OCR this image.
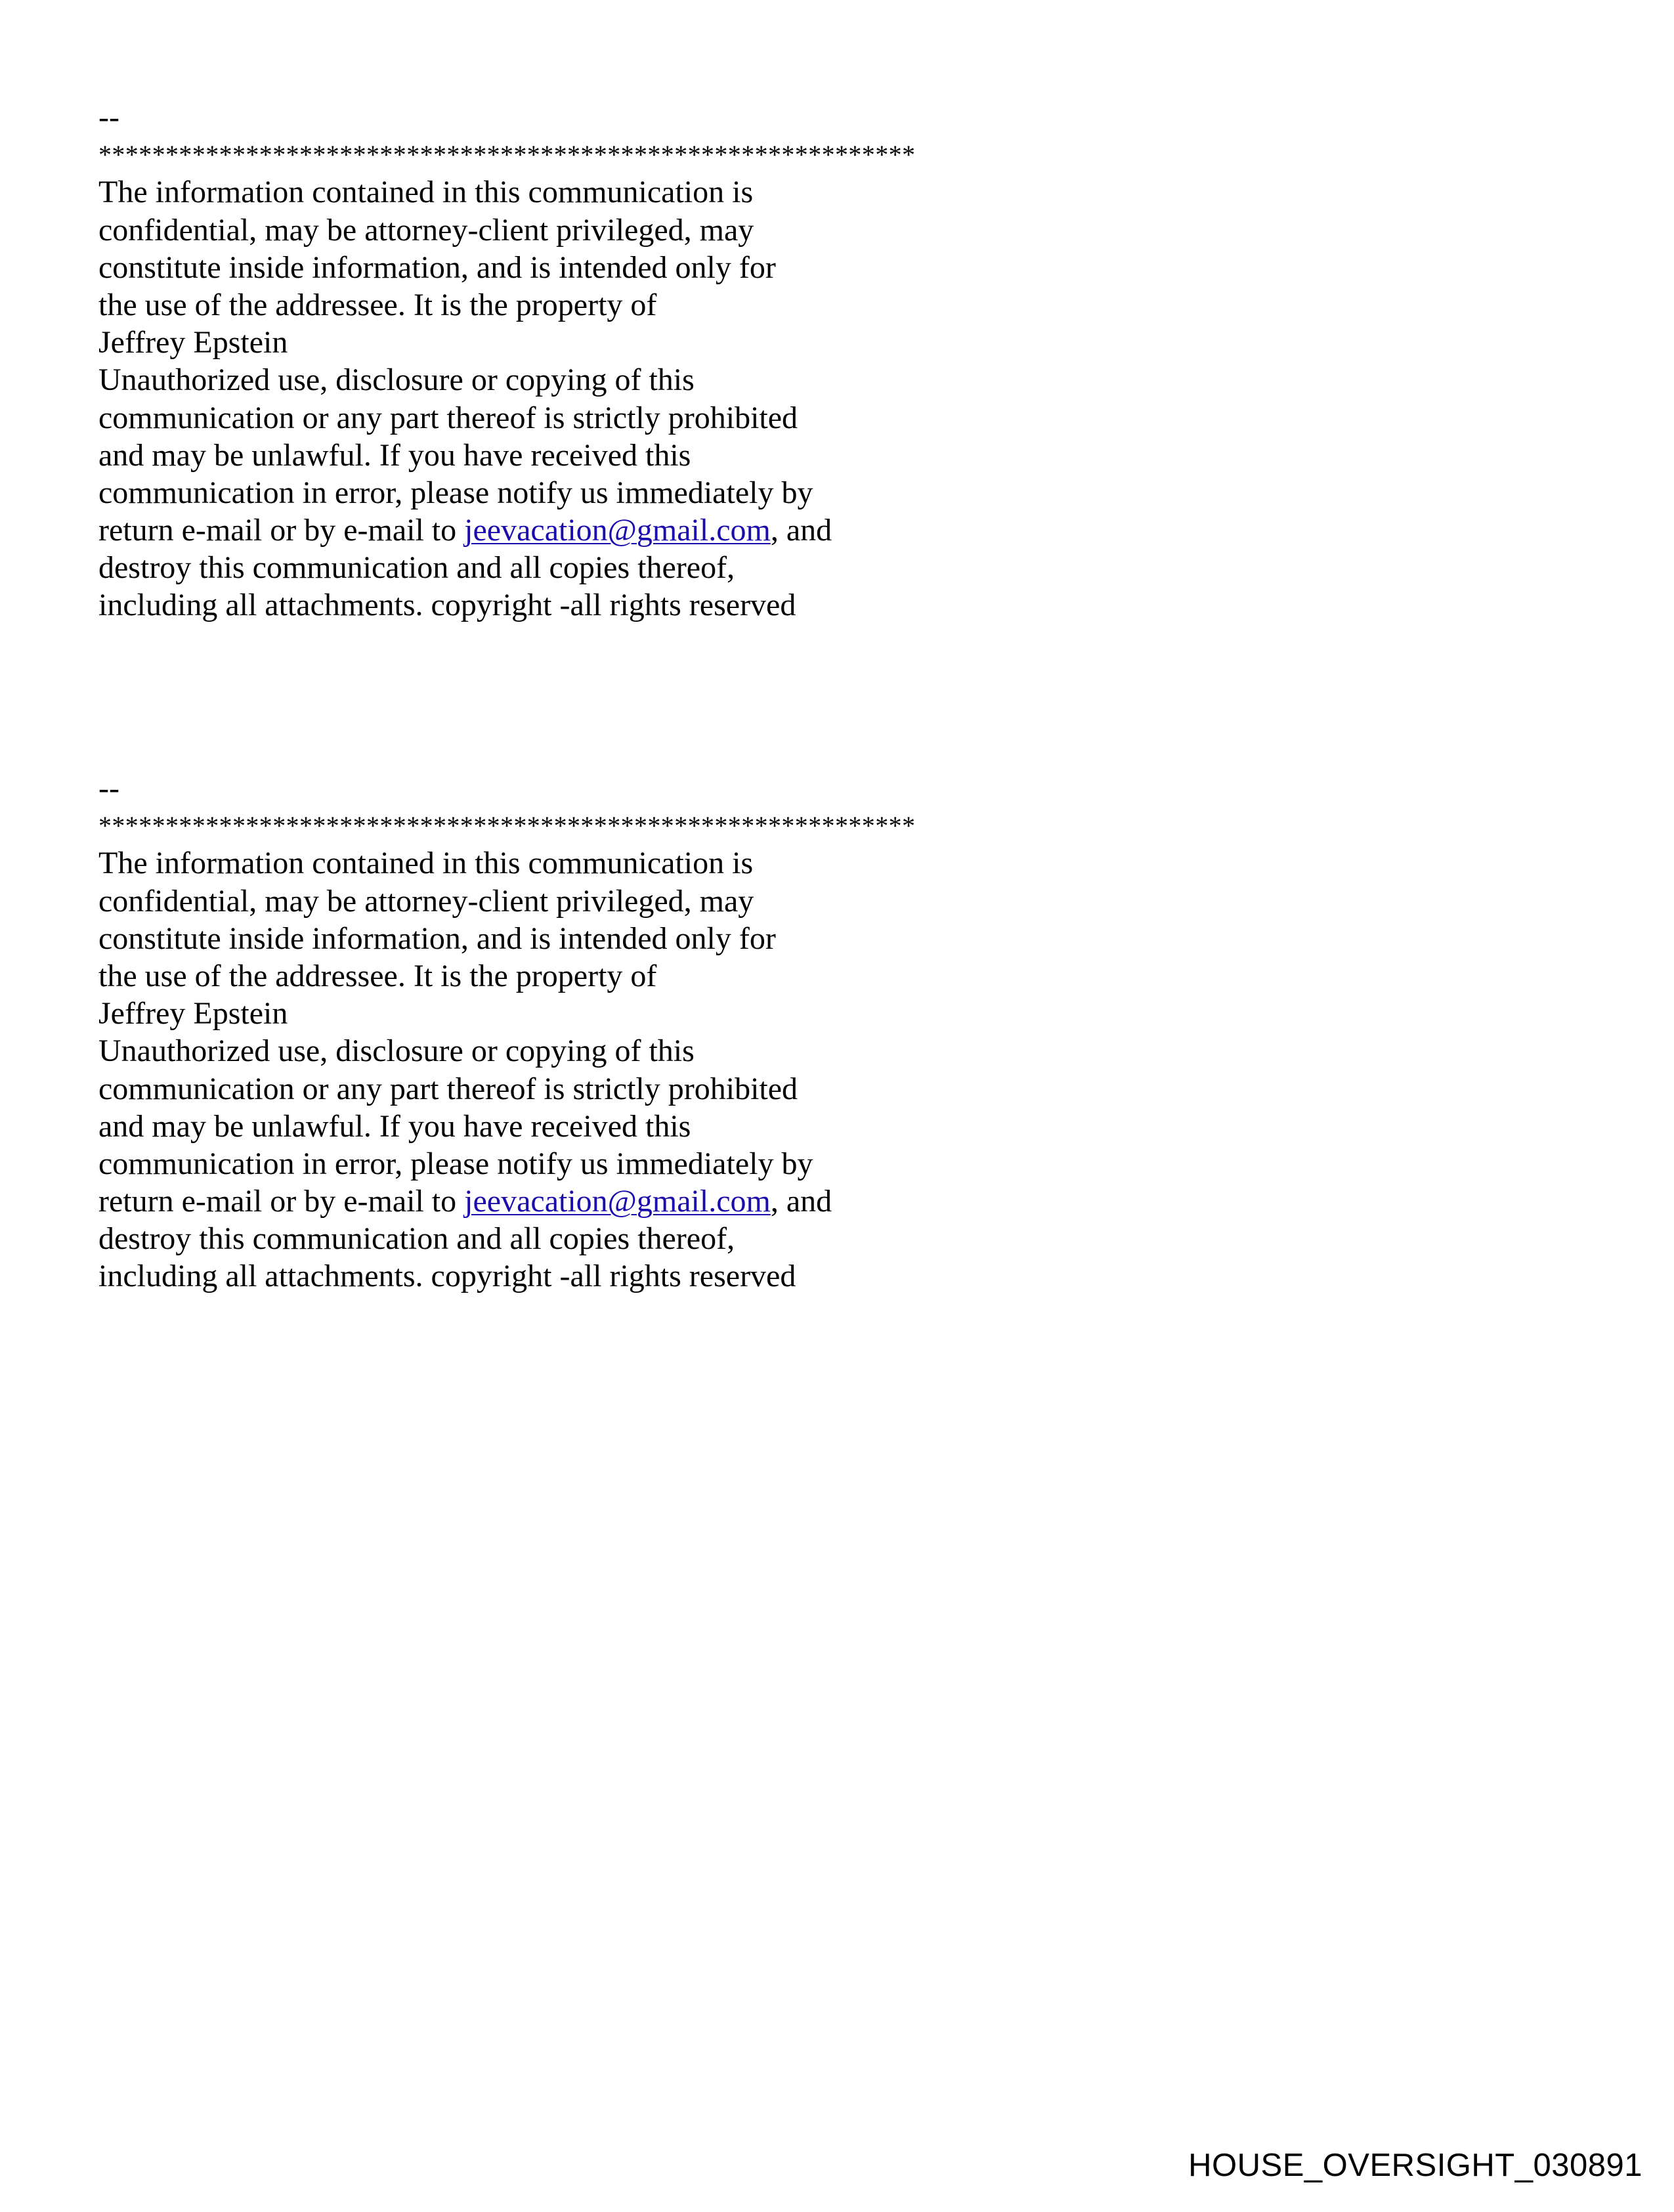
--
*************************************************************
The information contained in this communication is
confidential, may be attorney-client privileged, may
constitute inside information, and is intended only for
the use of the addressee. It is the property of
Jeffrey Epstein
Unauthorized use, disclosure or copying of this
communication or any part thereof is strictly prohibited
and may be unlawful. If you have received this
communication in error, please notify us immediately by
return e-mail or by e-mail to jeevacation@gmail.com, and
destroy this communication and all copies thereof,
including all attachments. copyright -all rights reserved
--
*************************************************************
The information contained in this communication is
confidential, may be attorney-client privileged, may
constitute inside information, and is intended only for
the use of the addressee. It is the property of
Jeffrey Epstein
Unauthorized use, disclosure or copying of this
communication or any part thereof is strictly prohibited
and may be unlawful. If you have received this
communication in error, please notify us immediately by
return e-mail or by e-mail to jeevacation@gmail.com, and
destroy this communication and all copies thereof,
including all attachments. copyright -all rights reserved
HOUSE_OVERSIGHT_030891
